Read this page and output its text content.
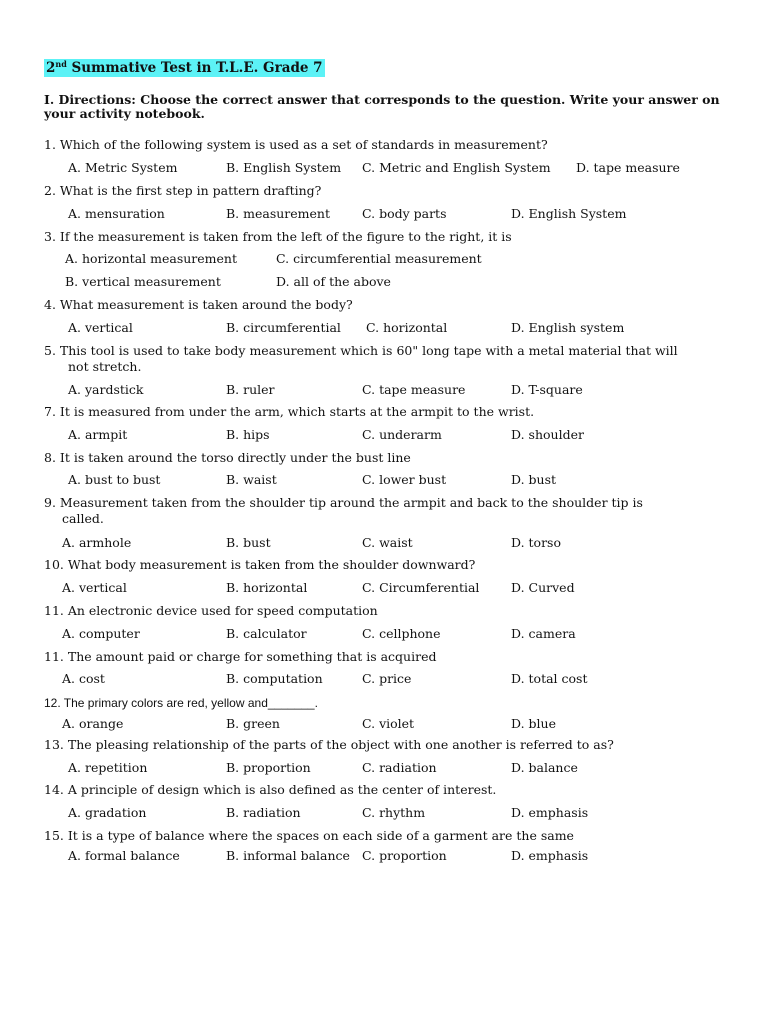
2nd Summative Test in T.L.E. Grade 7
I. Directions: Choose the correct answer that corresponds to the question. Write your answer on your activity notebook.
1. Which of the following system is used as a set of standards in measurement?
A. Metric System	B. English System C. Metric and English System D. tape measure
2. What is the first step in pattern drafting?
A. mensuration	B. measurement	C. body parts	D. English System
3. If the measurement is taken from the left of the figure to the right, it is
A. horizontal measurement	C. circumferential measurement
B. vertical measurement	D. all of the above
4. What measurement is taken around the body?
A. vertical	B. circumferential C. horizontal	D. English system
5. This tool is used to take body measurement which is 60" long tape with a metal material that will
not stretch.
A. yardstick	B. ruler	C. tape measure	D. T-square
7. It is measured from under the arm, which starts at the armpit to the wrist.
A. armpit	B. hips	C. underarm	D. shoulder
8. It is taken around the torso directly under the bust line
A. bust to bust	B. waist	C. lower bust	D. bust
9. Measurement taken from the shoulder tip around the armpit and back to the shoulder tip is
called.
A. armhole	B. bust	C. waist	D. torso
10. What body measurement is taken from the shoulder downward?
A. vertical	B. horizontal	C. Circumferential	D. Curved
11. An electronic device used for speed computation
A. computer	B. calculator	C. cellphone	D. camera
11. The amount paid or charge for something that is acquired
A. cost	B. computation	C. price	D. total cost
12. The primary colors are red, yellow and_______.
A. orange	B. green	C. violet	D. blue
13. The pleasing relationship of the parts of the object with one another is referred to as?
A. repetition	B. proportion	C. radiation	D. balance
14. A principle of design which is also defined as the center of interest.
A. gradation	B. radiation	C. rhythm	D. emphasis
15. It is a type of balance where the spaces on each side of a garment are the same
A. formal balance	B. informal balance C. proportion	D. emphasis
